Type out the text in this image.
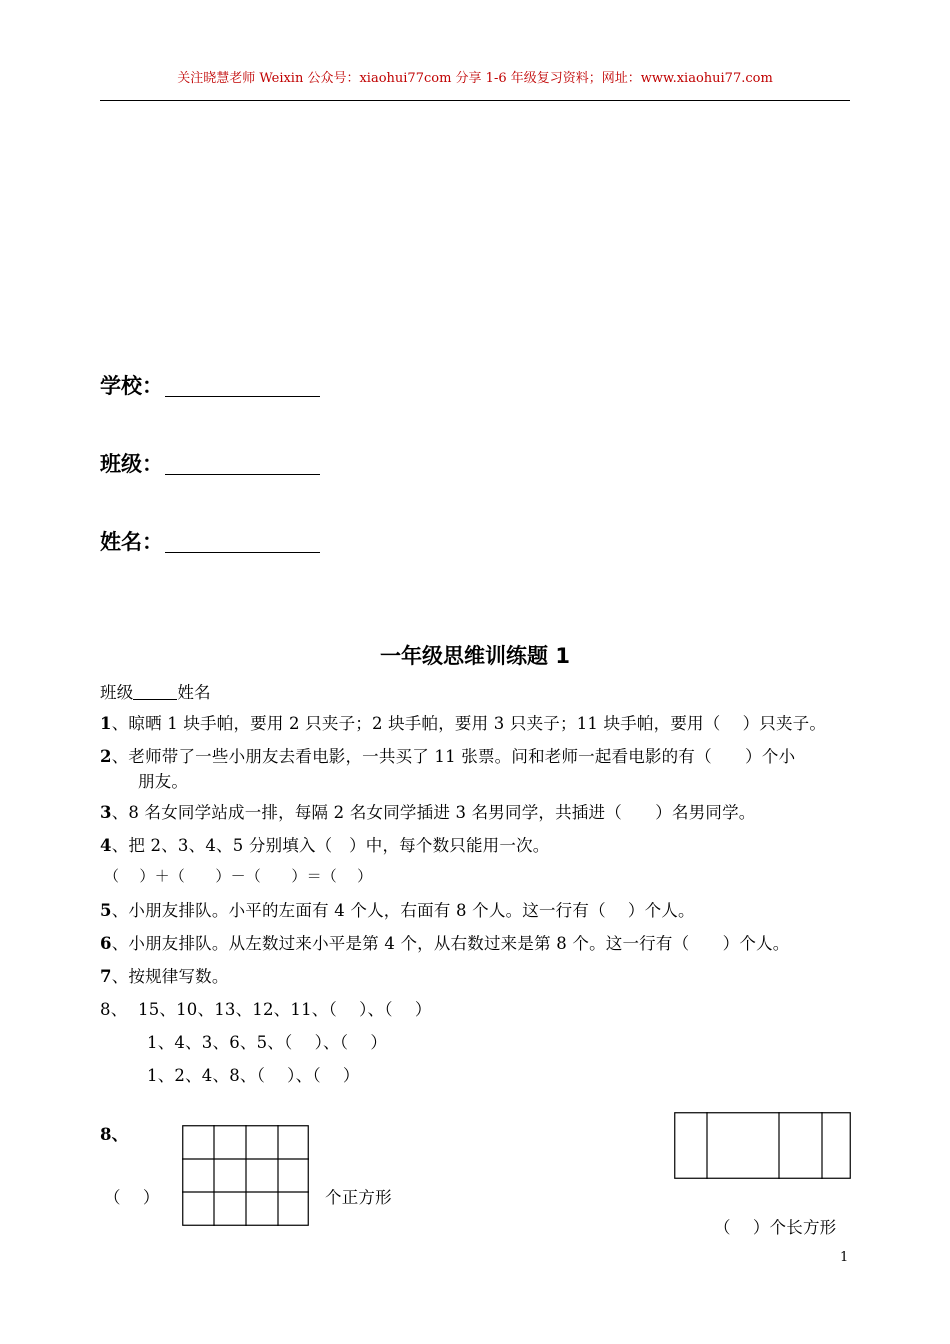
关注晓慧老师 Weixin 公众号：xiaohui77com 分享 1-6 年级复习资料；网址：www.xiaohui77.com
学校：
班级：
姓名：
一年级思维训练题 1
班级	姓名
1、晾晒 1 块手帕，要用 2 只夹子；2 块手帕，要用 3 只夹子；11 块手帕，要用（　 ）只夹子。
2、老师带了一些小朋友去看电影，一共买了 11 张票。问和老师一起看电影的有（　　）个小
朋友。
3、8 名女同学站成一排，每隔 2 名女同学插进 3 名男同学，共插进（　　）名男同学。
4、把 2、3、4、5 分别填入（　）中，每个数只能用一次。
（　 ）＋（　　）－（　　）＝（　 ）
5、小朋友排队。小平的左面有 4 个人，右面有 8 个人。这一行有（　 ）个人。
6、小朋友排队。从左数过来小平是第 4 个，从右数过来是第 8 个。这一行有（　　）个人。
7、按规律写数。
8、 15、10、13、12、11、（　 ）、（　 ）
1、4、3、6、5、（　 ）、（　 ）
1、2、4、8、（　 ）、（　 ）
8、
（　 ）	个正方形
（　 ）个长方形
1
